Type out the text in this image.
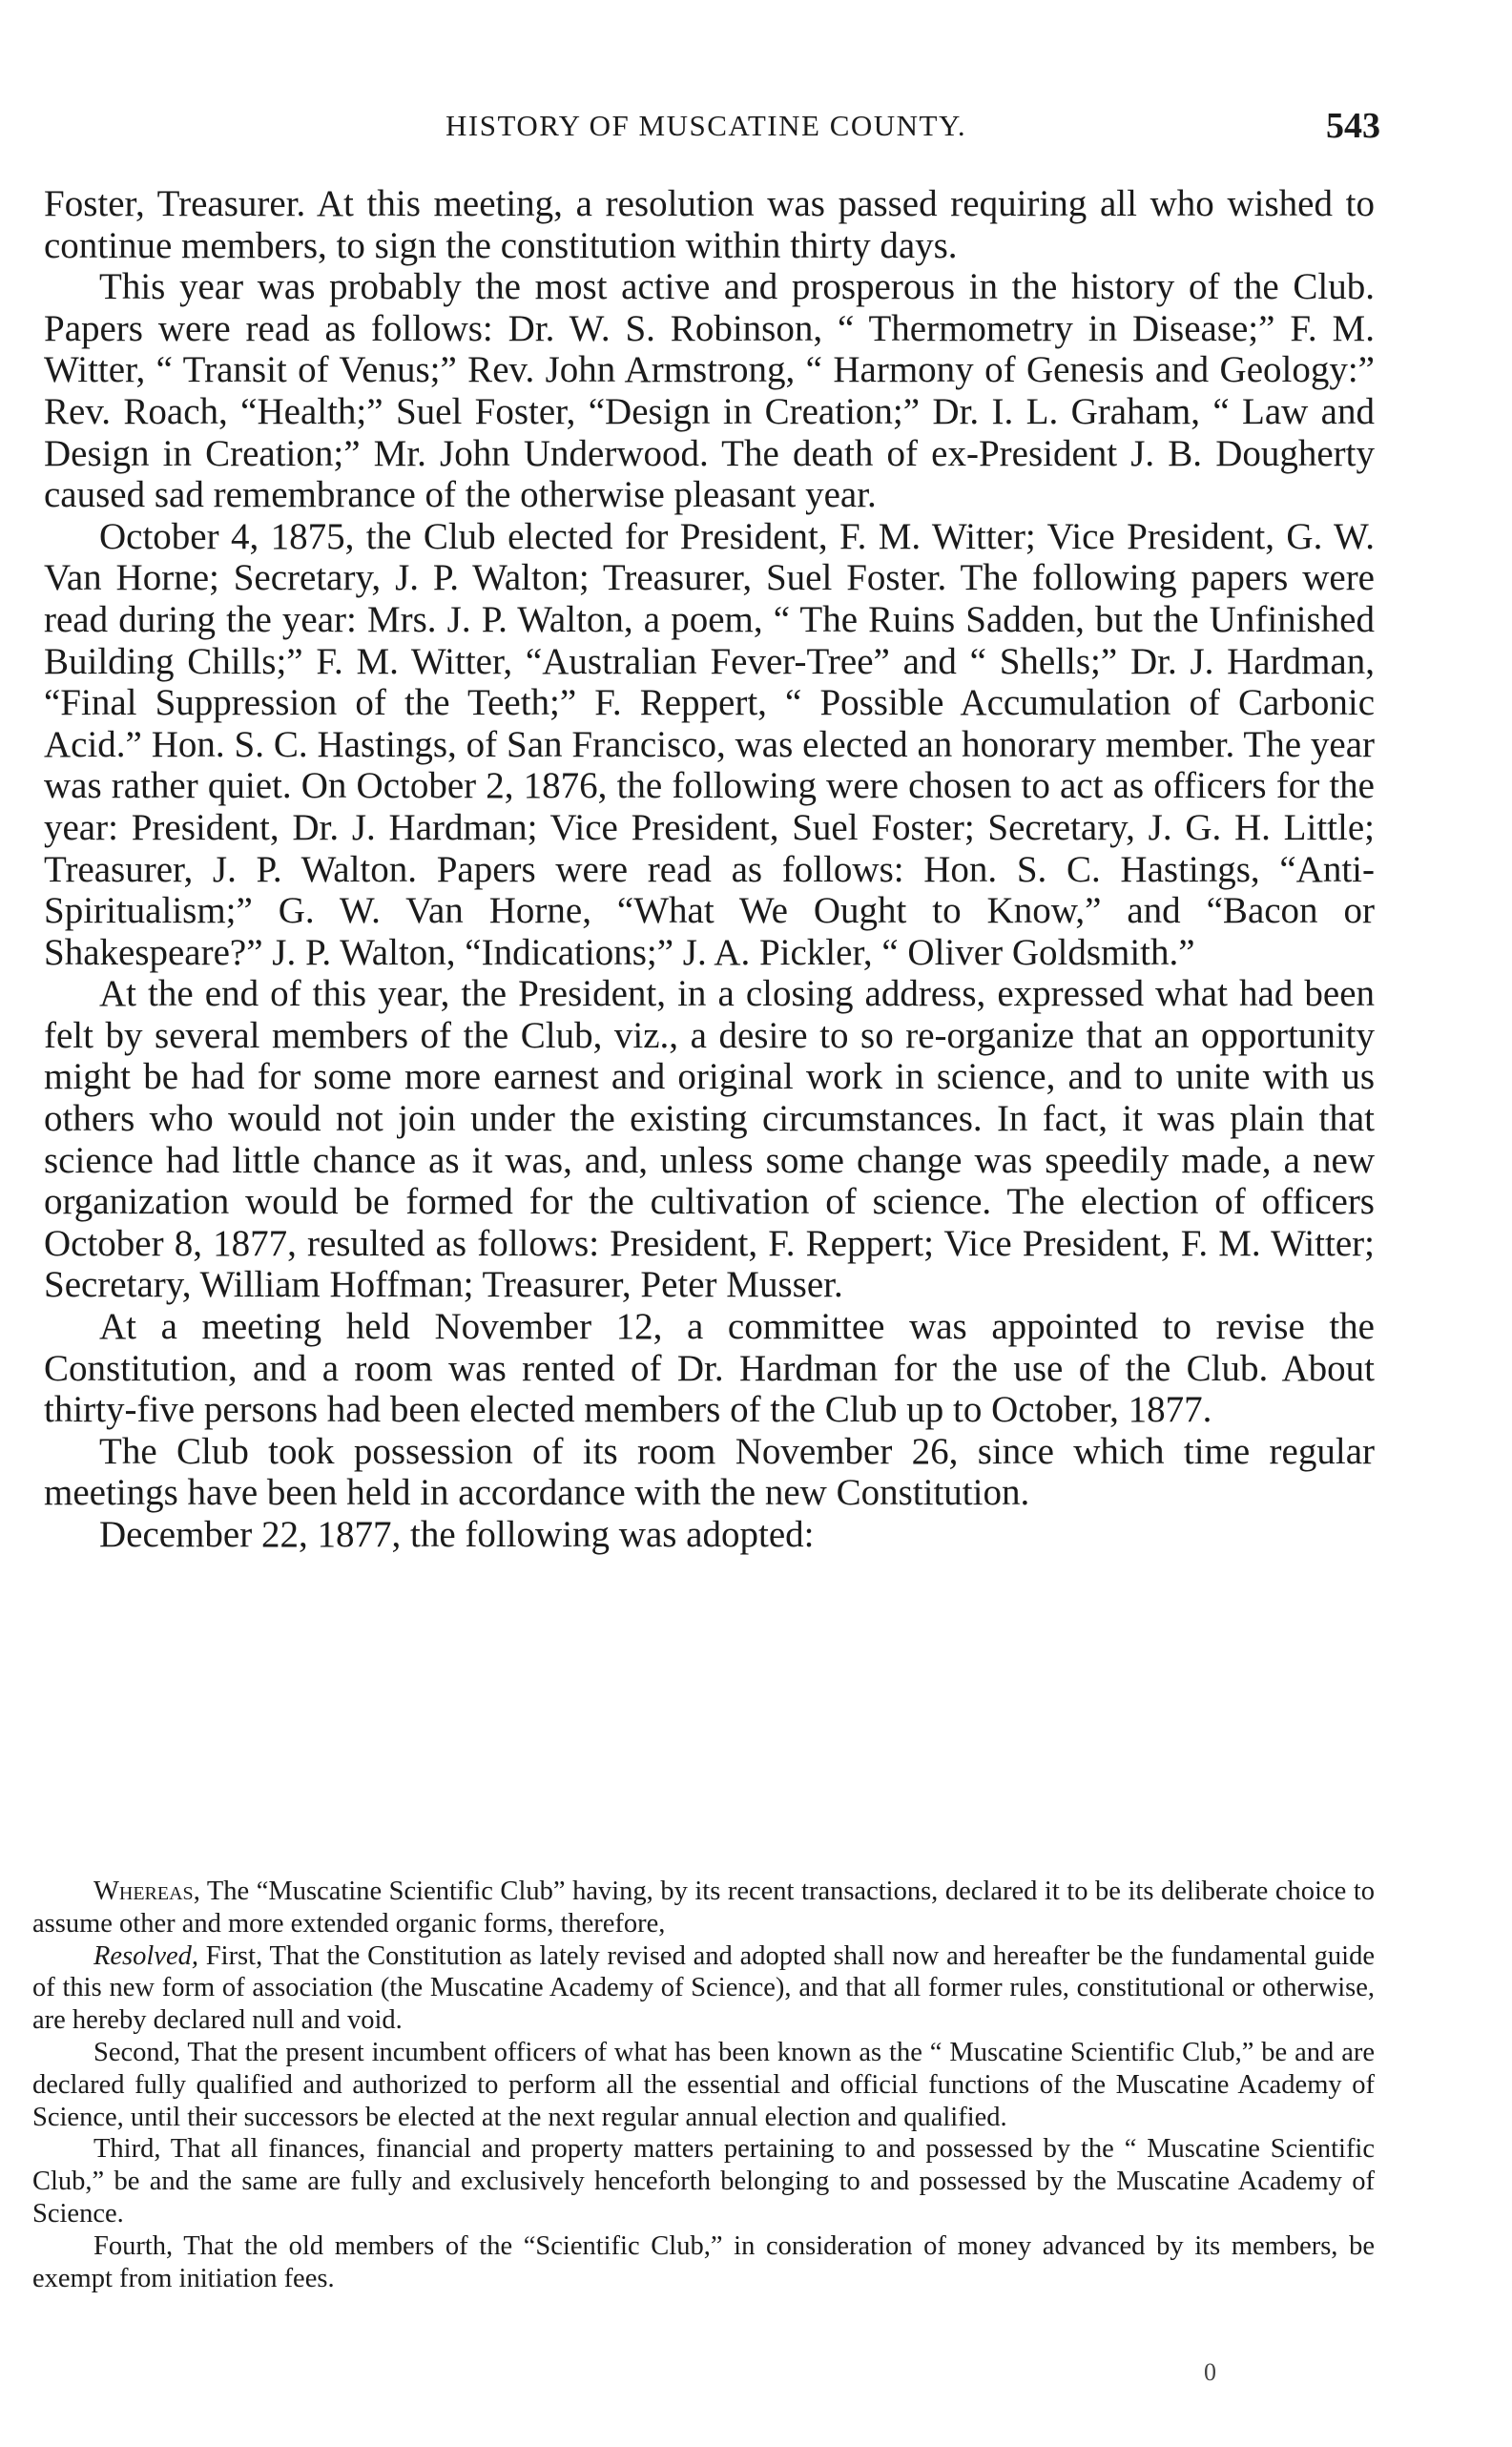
HISTORY OF MUSCATINE COUNTY.	543

Foster, Treasurer. At this meeting, a resolution was passed requiring all who wished to continue members, to sign the constitution within thirty days.

This year was probably the most active and prosperous in the history of the Club. Papers were read as follows: Dr. W. S. Robinson, “ Thermometry in Disease;” F. M. Witter, “ Transit of Venus;” Rev. John Armstrong, “ Harmony of Genesis and Geology:” Rev. Roach, “Health;” Suel Foster, “Design in Creation;” Dr. I. L. Graham, “ Law and Design in Creation;” Mr. John Underwood. The death of ex-President J. B. Dougherty caused sad remembrance of the otherwise pleasant year.

October 4, 1875, the Club elected for President, F. M. Witter; Vice President, G. W. Van Horne; Secretary, J. P. Walton; Treasurer, Suel Foster. The following papers were read during the year: Mrs. J. P. Walton, a poem, “ The Ruins Sadden, but the Unfinished Building Chills;” F. M. Witter, “Australian Fever-Tree” and “ Shells;” Dr. J. Hardman, “Final Suppression of the Teeth;” F. Reppert, “ Possible Accumulation of Carbonic Acid.” Hon. S. C. Hastings, of San Francisco, was elected an honorary member. The year was rather quiet. On October 2, 1876, the following were chosen to act as officers for the year: President, Dr. J. Hardman; Vice President, Suel Foster; Secretary, J. G. H. Little; Treasurer, J. P. Walton. Papers were read as follows: Hon. S. C. Hastings, “Anti-Spiritualism;” G. W. Van Horne, “What We Ought to Know,” and “Bacon or Shakespeare?” J. P. Walton, “Indications;” J. A. Pickler, “ Oliver Goldsmith.”

At the end of this year, the President, in a closing address, expressed what had been felt by several members of the Club, viz., a desire to so re-organize that an opportunity might be had for some more earnest and original work in science, and to unite with us others who would not join under the existing circumstances. In fact, it was plain that science had little chance as it was, and, unless some change was speedily made, a new organization would be formed for the cultivation of science. The election of officers October 8, 1877, resulted as follows: President, F. Reppert; Vice President, F. M. Witter; Secretary, William Hoffman; Treasurer, Peter Musser.

At a meeting held November 12, a committee was appointed to revise the Constitution, and a room was rented of Dr. Hardman for the use of the Club. About thirty-five persons had been elected members of the Club up to October, 1877.

The Club took possession of its room November 26, since which time regular meetings have been held in accordance with the new Constitution.

December 22, 1877, the following was adopted:

Whereas, The “Muscatine Scientific Club” having, by its recent transactions, declared it to be its deliberate choice to assume other and more extended organic forms, therefore,

Resolved, First, That the Constitution as lately revised and adopted shall now and hereafter be the fundamental guide of this new form of association (the Muscatine Academy of Science), and that all former rules, constitutional or otherwise, are hereby declared null and void.

Second, That the present incumbent officers of what has been known as the “ Muscatine Scientific Club,” be and are declared fully qualified and authorized to perform all the essential and official functions of the Muscatine Academy of Science, until their successors be elected at the next regular annual election and qualified.

Third, That all finances, financial and property matters pertaining to and possessed by the “ Muscatine Scientific Club,” be and the same are fully and exclusively henceforth belonging to and possessed by the Muscatine Academy of Science.

Fourth, That the old members of the “Scientific Club,” in consideration of money advanced by its members, be exempt from initiation fees.

0
